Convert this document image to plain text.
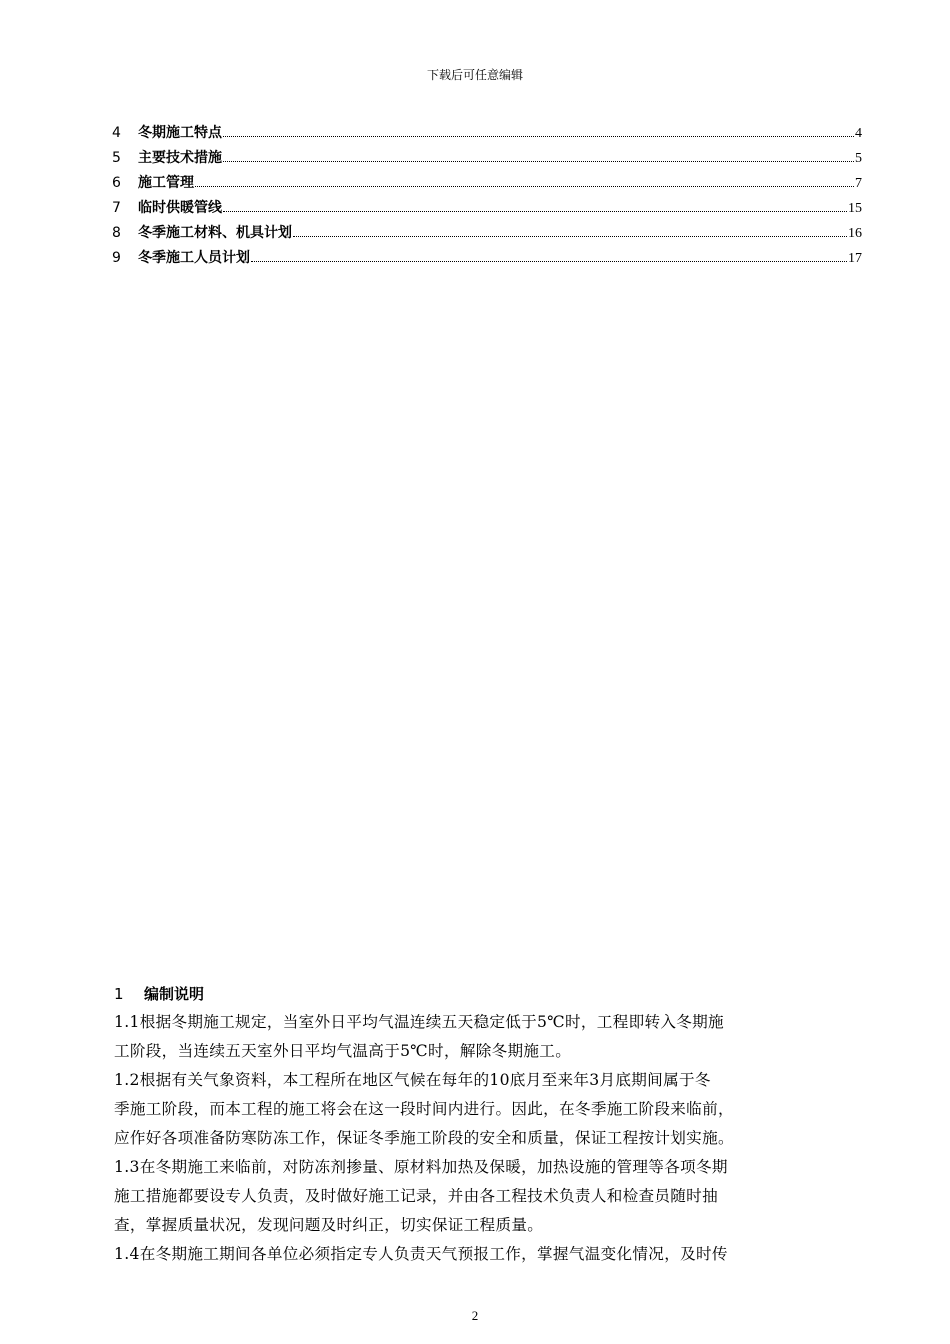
下载后可任意编辑
4	冬期施工特点	4
5	主要技术措施	5
6	施工管理	7
7	临时供暖管线	15
8	冬季施工材料、机具计划	16
9	冬季施工人员计划	17
1 编制说明

1.1根据冬期施工规定，当室外日平均气温连续五天稳定低于5℃时，工程即转入冬期施

工阶段，当连续五天室外日平均气温高于5℃时，解除冬期施工。

1.2根据有关气象资料，本工程所在地区气候在每年的10底月至来年3月底期间属于冬

季施工阶段，而本工程的施工将会在这一段时间内进行。因此，在冬季施工阶段来临前，

应作好各项准备防寒防冻工作，保证冬季施工阶段的安全和质量，保证工程按计划实施。

1.3在冬期施工来临前，对防冻剂掺量、原材料加热及保暖，加热设施的管理等各项冬期

施工措施都要设专人负责，及时做好施工记录，并由各工程技术负责人和检查员随时抽

查，掌握质量状况，发现问题及时纠正，切实保证工程质量。

1.4在冬期施工期间各单位必须指定专人负责天气预报工作，掌握气温变化情况，及时传

2
